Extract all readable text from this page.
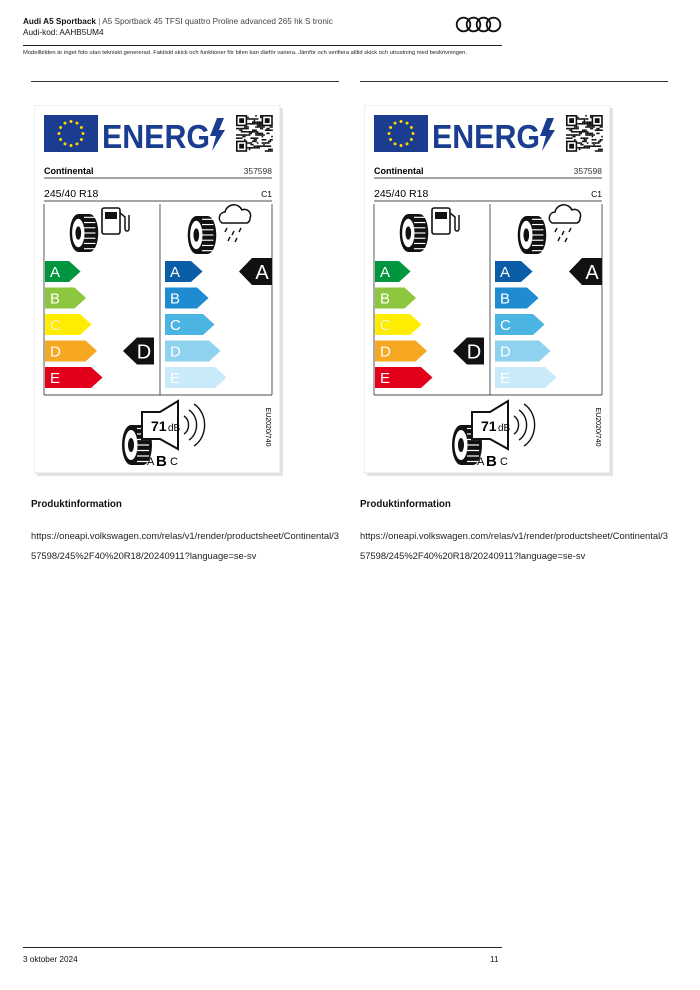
Audi A5 Sportback | A5 Sportback 45 TFSI quattro Proline advanced 265 hk S tronic
Audi-kod: AAHB5UM4
Modellbilden är inget foto utan tekniskt genererad. Faktiskt skick och funktioner för bilen kan därför variera. Jämför och verifiera alltid skick och utrustning med beskrivningen.
ENERG
Continental	357598
245/40 R18	C1
A
B
C
D
E
D
A
B
C
D
E
A
71 dB
A B C
EU2020/740
ENERG
Continental	357598
245/40 R18	C1
A
B
C
D
E
D
A
B
C
D
E
A
71 dB
A B C
EU2020/740
Produktinformation
https://oneapi.volkswagen.com/relas/v1/render/productsheet/Continental/357598/245%2F40%20R18/20240911?language=se-sv
Produktinformation
https://oneapi.volkswagen.com/relas/v1/render/productsheet/Continental/357598/245%2F40%20R18/20240911?language=se-sv
3 oktober 2024	11
